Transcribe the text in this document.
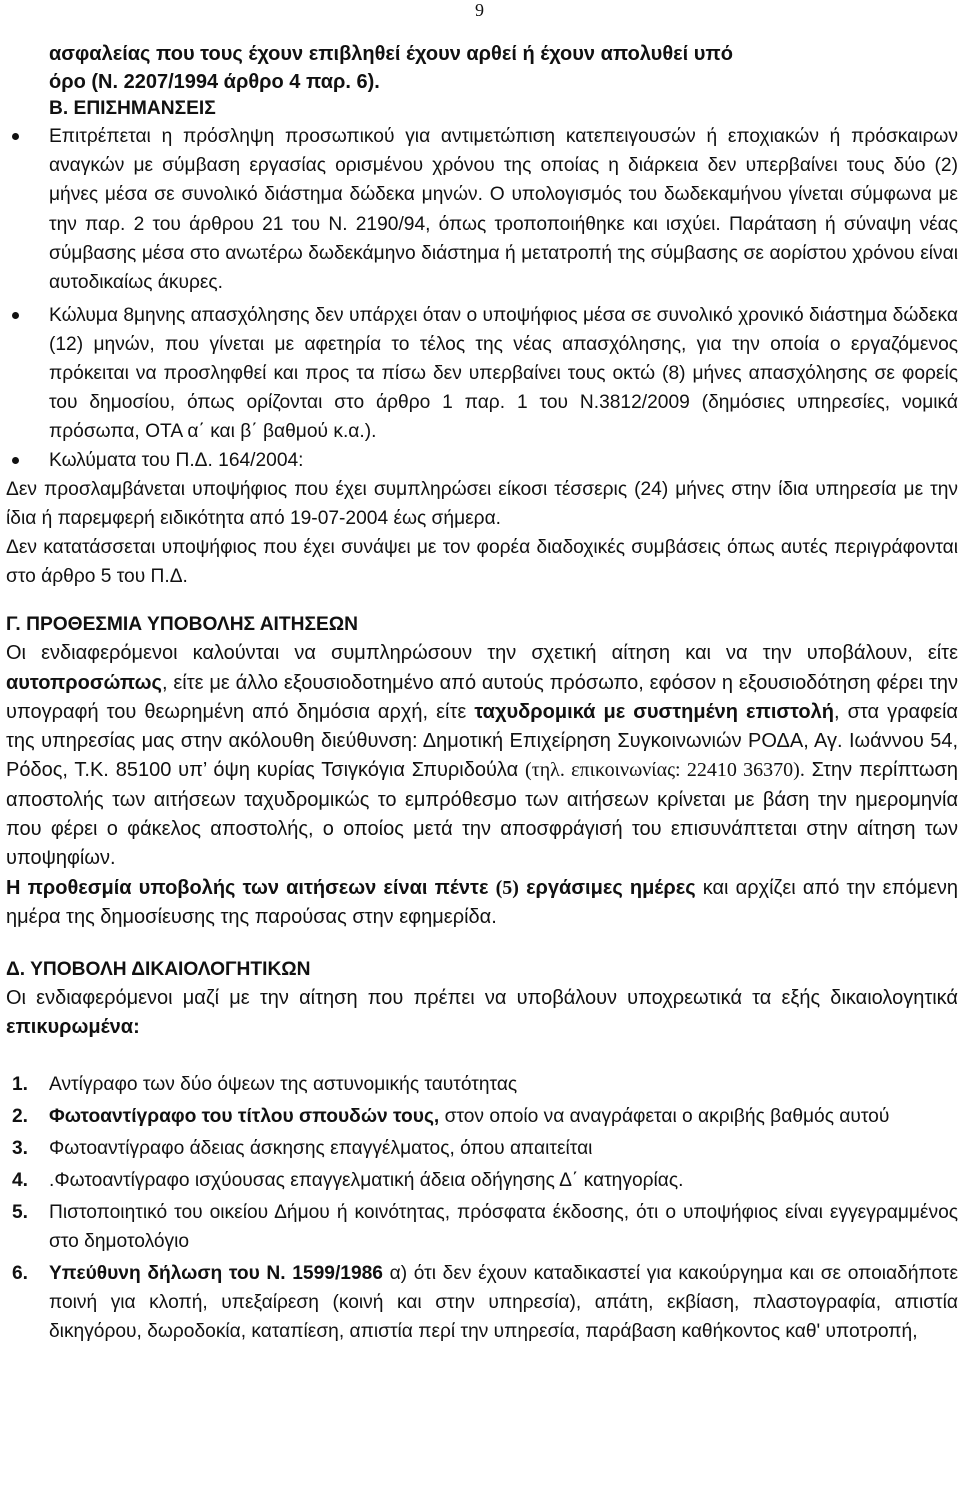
9
ασφαλείας που τους έχουν επιβληθεί έχουν αρθεί ή έχουν απολυθεί υπό
όρο (Ν. 2207/1994 άρθρο 4 παρ. 6).
Β. ΕΠΙΣΗΜΑΝΣΕΙΣ
Επιτρέπεται η πρόσληψη προσωπικού για αντιμετώπιση κατεπειγουσών ή εποχιακών ή πρόσκαιρων αναγκών με σύμβαση εργασίας ορισμένου χρόνου της οποίας η διάρκεια δεν υπερβαίνει τους δύο (2) μήνες μέσα σε συνολικό διάστημα δώδεκα μηνών. Ο υπολογισμός του δωδεκαμήνου γίνεται σύμφωνα με την παρ. 2 του άρθρου 21 του Ν. 2190/94, όπως τροποποιήθηκε και ισχύει. Παράταση ή σύναψη νέας σύμβασης μέσα στο ανωτέρω δωδεκάμηνο διάστημα ή μετατροπή της σύμβασης σε αορίστου χρόνου είναι αυτοδικαίως άκυρες.
Κώλυμα 8μηνης απασχόλησης δεν υπάρχει όταν ο υποψήφιος μέσα σε συνολικό χρονικό διάστημα δώδεκα (12) μηνών, που γίνεται με αφετηρία το τέλος της νέας απασχόλησης, για την οποία ο εργαζόμενος πρόκειται να προσληφθεί και προς τα πίσω δεν υπερβαίνει τους οκτώ (8) μήνες απασχόλησης σε φορείς του δημοσίου, όπως ορίζονται στο άρθρο 1 παρ. 1 του Ν.3812/2009 (δημόσιες υπηρεσίες, νομικά πρόσωπα, ΟΤΑ α΄ και β΄ βαθμού κ.α.).
Κωλύματα του Π.Δ. 164/2004:
Δεν προσλαμβάνεται υποψήφιος που έχει συμπληρώσει είκοσι τέσσερις (24) μήνες στην ίδια υπηρεσία με την ίδια ή παρεμφερή ειδικότητα από 19-07-2004 έως σήμερα.
Δεν κατατάσσεται υποψήφιος που έχει συνάψει με τον φορέα διαδοχικές συμβάσεις όπως αυτές περιγράφονται στο άρθρο 5 του Π.Δ.
Γ. ΠΡΟΘΕΣΜΙΑ ΥΠΟΒΟΛΗΣ ΑΙΤΗΣΕΩΝ
Οι ενδιαφερόμενοι καλούνται να συμπληρώσουν την σχετική αίτηση και να την υποβάλουν, είτε αυτοπροσώπως, είτε με άλλο εξουσιοδοτημένο από αυτούς πρόσωπο, εφόσον η εξουσιοδότηση φέρει την υπογραφή του θεωρημένη από δημόσια αρχή, είτε ταχυδρομικά με συστημένη επιστολή, στα γραφεία της υπηρεσίας μας στην ακόλουθη διεύθυνση: Δημοτική Επιχείρηση Συγκοινωνιών ΡΟΔΑ, Αγ. Ιωάννου 54, Ρόδος, Τ.Κ. 85100 υπ’ όψη κυρίας Τσιγκόγια Σπυριδούλα (τηλ. επικοινωνίας: 22410 36370). Στην περίπτωση αποστολής των αιτήσεων ταχυδρομικώς το εμπρόθεσμο των αιτήσεων κρίνεται με βάση την ημερομηνία που φέρει ο φάκελος αποστολής, ο οποίος μετά την αποσφράγισή του επισυνάπτεται στην αίτηση των υποψηφίων.
Η προθεσμία υποβολής των αιτήσεων είναι πέντε (5) εργάσιμες ημέρες και αρχίζει από την επόμενη ημέρα της δημοσίευσης της παρούσας στην εφημερίδα.
Δ. ΥΠΟΒΟΛΗ ΔΙΚΑΙΟΛΟΓΗΤΙΚΩΝ
Οι ενδιαφερόμενοι μαζί με την αίτηση που πρέπει να υποβάλουν υποχρεωτικά τα εξής δικαιολογητικά επικυρωμένα:
1. Αντίγραφο των δύο όψεων της αστυνομικής ταυτότητας
2. Φωτοαντίγραφο του τίτλου σπουδών τους, στον οποίο να αναγράφεται ο ακριβής βαθμός αυτού
3. Φωτοαντίγραφο άδειας άσκησης επαγγέλματος, όπου απαιτείται
4. .Φωτοαντίγραφο ισχύουσας επαγγελματική άδεια οδήγησης Δ΄ κατηγορίας.
5. Πιστοποιητικό του οικείου Δήμου ή κοινότητας, πρόσφατα έκδοσης, ότι ο υποψήφιος είναι εγγεγραμμένος στο δημοτολόγιο
6. Υπεύθυνη δήλωση του Ν. 1599/1986 α) ότι δεν έχουν καταδικαστεί για κακούργημα και σε οποιαδήποτε ποινή για κλοπή, υπεξαίρεση (κοινή και στην υπηρεσία), απάτη, εκβίαση, πλαστογραφία, απιστία δικηγόρου, δωροδοκία, καταπίεση, απιστία περί την υπηρεσία, παράβαση καθήκοντος καθ' υποτροπή,
